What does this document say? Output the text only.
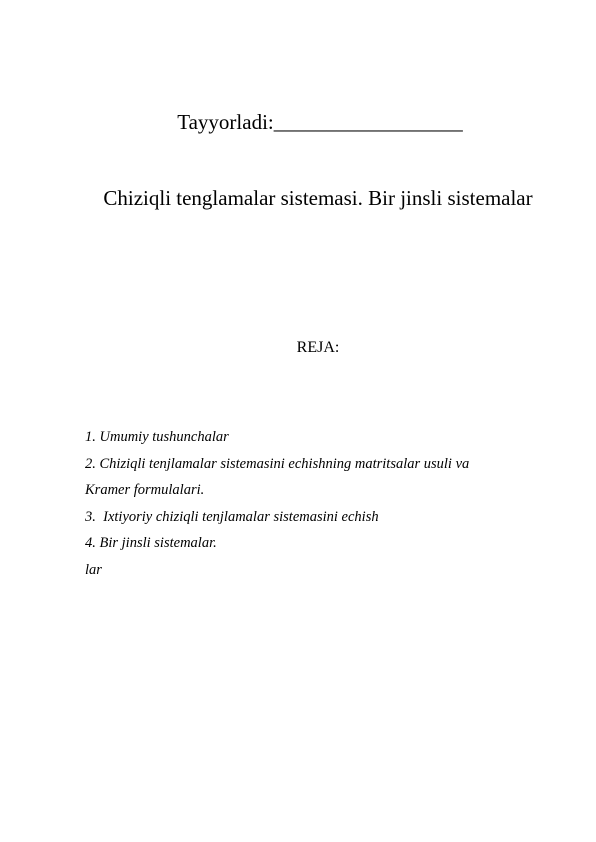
Tayyorladi:__________________
Chiziqli tenglamalar sistemasi. Bir jinsli sistemalar
REJA:
1. Umumiy tushunchalar
2. Chiziqli tenjlamalar sistemasini echishning matritsalar usuli va
Kramer formulalari.
3.  Ixtiyoriy chiziqli tenjlamalar sistemasini echish
4. Bir jinsli sistemalar.
lar
